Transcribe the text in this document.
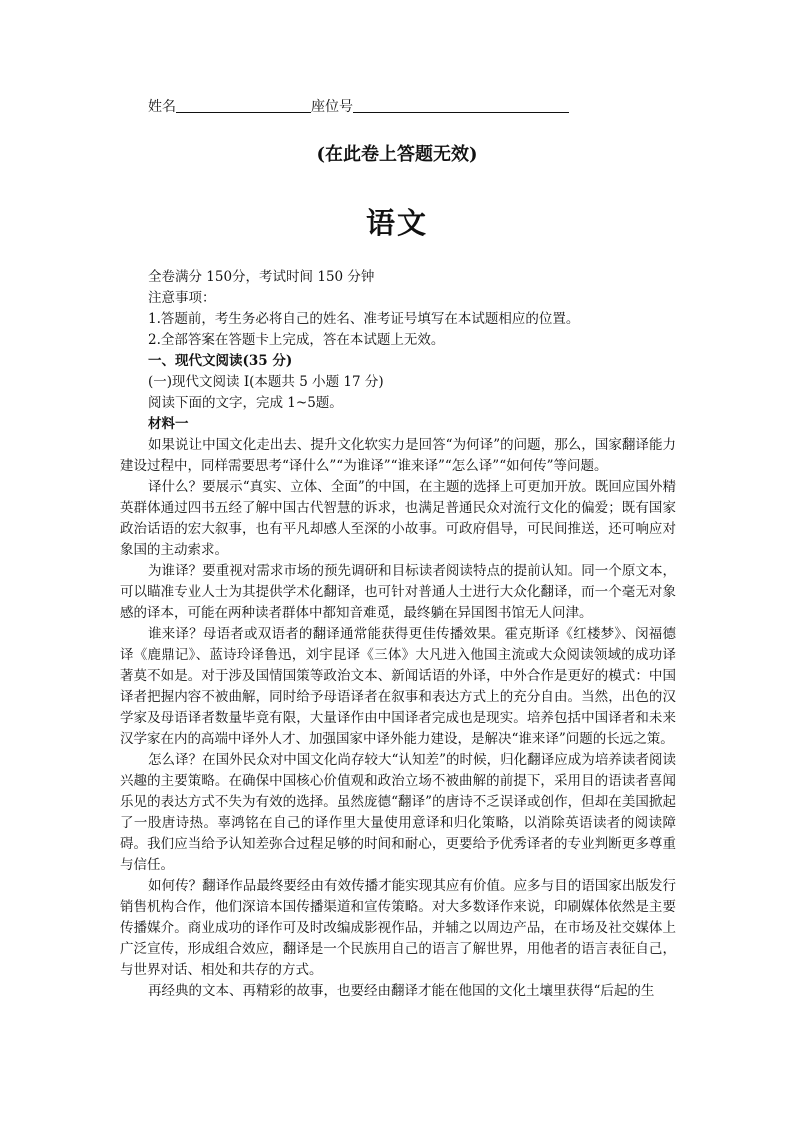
姓名	座位号
(在此卷上答题无效)
语文

全卷满分 150分，考试时间 150 分钟

注意事项：

1.答题前，考生务必将自己的姓名、准考证号填写在本试题相应的位置。

2.全部答案在答题卡上完成，答在本试题上无效。

一、现代文阅读(35 分)

(一)现代文阅读 I(本题共 5 小题 17 分)

阅读下面的文字，完成 1~5题。

材料一

如果说让中国文化走出去、提升文化软实力是回答“为何译”的问题，那么，国家翻译能力建设过程中，同样需要思考“译什么”“为谁译”“谁来译”“怎么译”“如何传”等问题。

译什么？要展示“真实、立体、全面”的中国，在主题的选择上可更加开放。既回应国外精英群体通过四书五经了解中国古代智慧的诉求，也满足普通民众对流行文化的偏爱；既有国家政治话语的宏大叙事，也有平凡却感人至深的小故事。可政府倡导，可民间推送，还可响应对象国的主动索求。

为谁译？要重视对需求市场的预先调研和目标读者阅读特点的提前认知。同一个原文本，可以瞄准专业人士为其提供学术化翻译，也可针对普通人士进行大众化翻译，而一个毫无对象感的译本，可能在两种读者群体中都知音难觅，最终躺在异国图书馆无人问津。

谁来译？母语者或双语者的翻译通常能获得更佳传播效果。霍克斯译《红楼梦》、闵福德译《鹿鼎记》、蓝诗玲译鲁迅，刘宇昆译《三体》大凡进入他国主流或大众阅读领域的成功译著莫不如是。对于涉及国情国策等政治文本、新闻话语的外译，中外合作是更好的模式：中国译者把握内容不被曲解，同时给予母语译者在叙事和表达方式上的充分自由。当然，出色的汉学家及母语译者数量毕竟有限，大量译作由中国译者完成也是现实。培养包括中国译者和未来汉学家在内的高端中译外人才、加强国家中译外能力建设，是解决“谁来译”问题的长远之策。

怎么译？在国外民众对中国文化尚存较大“认知差”的时候，归化翻译应成为培养读者阅读兴趣的主要策略。在确保中国核心价值观和政治立场不被曲解的前提下，采用目的语读者喜闻乐见的表达方式不失为有效的选择。虽然庞德“翻译”的唐诗不乏误译或创作，但却在美国掀起了一股唐诗热。辜鸿铭在自己的译作里大量使用意译和归化策略，以消除英语读者的阅读障碍。我们应当给予认知差弥合过程足够的时间和耐心，更要给予优秀译者的专业判断更多尊重与信任。

如何传？翻译作品最终要经由有效传播才能实现其应有价值。应多与目的语国家出版发行销售机构合作，他们深谙本国传播渠道和宣传策略。对大多数译作来说，印刷媒体依然是主要传播媒介。商业成功的译作可及时改编成影视作品，并辅之以周边产品，在市场及社交媒体上广泛宣传，形成组合效应，翻译是一个民族用自己的语言了解世界，用他者的语言表征自己，与世界对话、相处和共存的方式。

再经典的文本、再精彩的故事，也要经由翻译才能在他国的文化土壤里获得“后起的生
